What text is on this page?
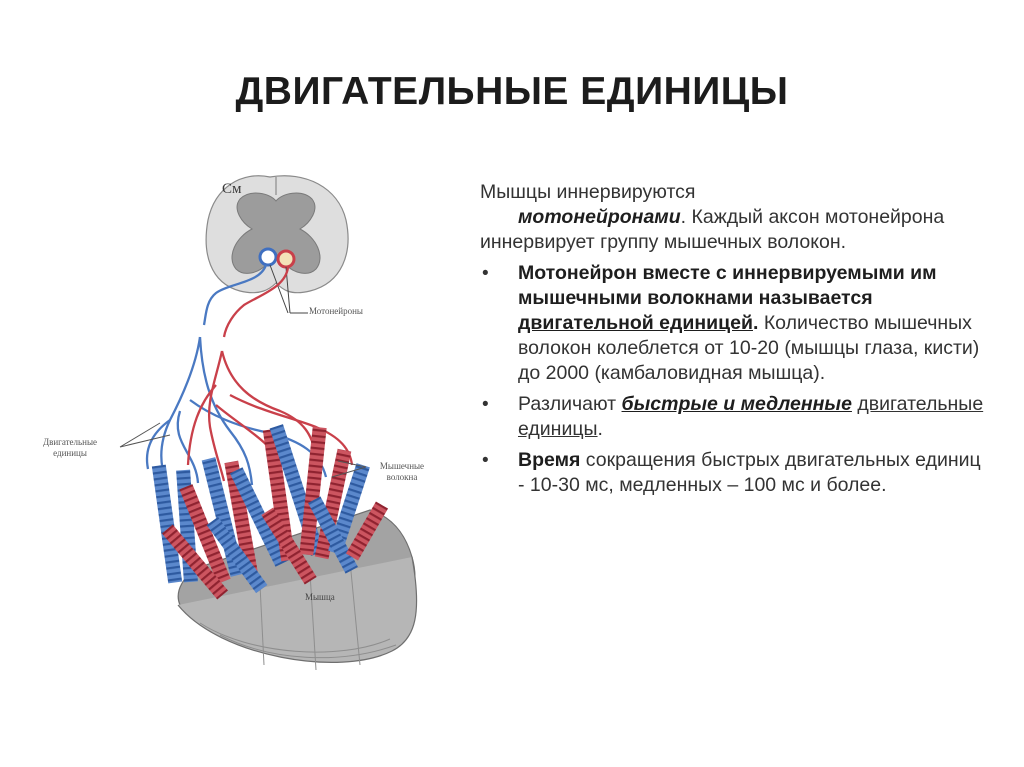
ДВИГАТЕЛЬНЫЕ ЕДИНИЦЫ
См
Мотонейроны
Двигательные
единицы
Мышечные
волокна
Мышца

Мышцы иннервируются
мотонейронами. Каждый аксон мотонейрона иннервирует группу мышечных волокон.

• Мотонейрон вместе с иннервируемыми им мышечными волокнами называется двигательной единицей. Количество мышечных волокон колеблется от 10-20 (мышцы глаза, кисти) до 2000 (камбаловидная мышца).
• Различают быстрые и медленные двигательные единицы.
• Время сокращения быстрых двигательных единиц - 10-30 мс, медленных – 100 мс и более.
